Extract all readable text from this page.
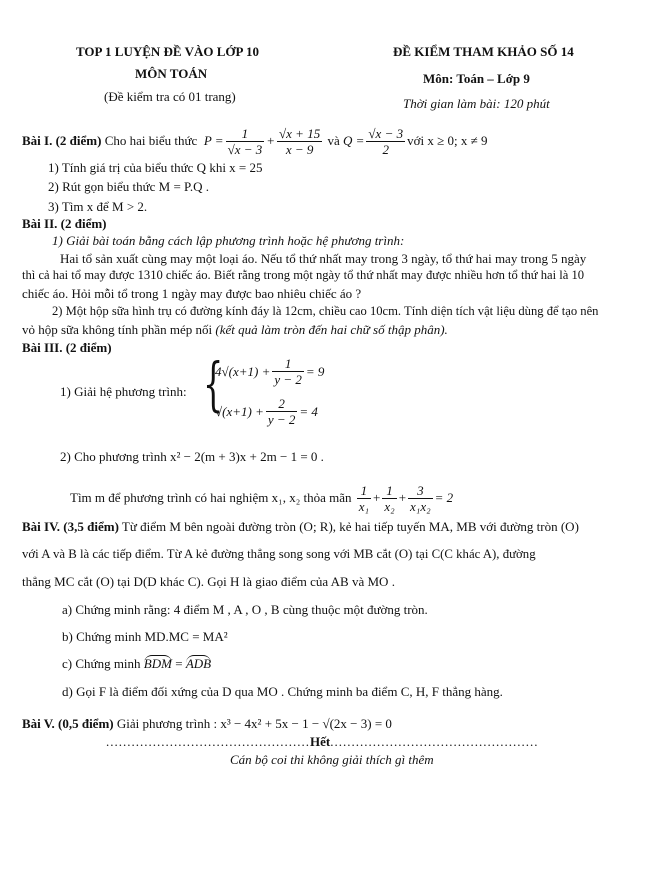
TOP 1 LUYỆN ĐỀ VÀO LỚP 10
MÔN TOÁN
(Đề kiểm tra có 01 trang)
ĐỀ KIỂM THAM KHẢO SỐ 14
Môn: Toán – Lớp 9
Thời gian làm bài: 120 phút
Bài I. (2 điểm)
Cho hai biểu thức
$P = \frac{1}{√x - 3} + \frac{√x + 15}{x - 9}$
và
$Q = \frac{√x - 3}{2}$ với x ≥ 0; x ≠ 9
1) Tính giá trị của biểu thức Q khi x = 25
2) Rút gọn biểu thức M = P.Q .
3) Tìm x để M > 2.
Bài II. (2 điểm)
1) Giải bài toán bằng cách lập phương trình hoặc hệ phương trình:
Hai tổ sản xuất cùng may một loại áo. Nếu tổ thứ nhất may trong 3 ngày, tổ thứ hai may trong 5 ngày
thì cả hai tổ may được 1310 chiếc áo. Biết rằng trong một ngày tổ thứ nhất may được nhiều hơn tổ thứ hai là 10
chiếc áo. Hỏi mỗi tổ trong 1 ngày may được bao nhiêu chiếc áo ?
2) Một hộp sữa hình trụ có đường kính đáy là 12cm, chiều cao 10cm. Tính diện tích vật liệu dùng để tạo nên
vỏ hộp sữa không tính phần mép nối (kết quả làm tròn đến hai chữ số thập phân).
Bài III. (2 điểm)
1) Giải hệ phương trình: {
$4√(x+1) + \frac{1}{y - 2} = 9$
$√(x+1) + \frac{2}{y - 2} = 4$
2) Cho phương trình x² − 2(m + 3)x + 2m − 1 = 0 .
Tìm m để phương trình có hai nghiệm x₁, x₂ thỏa mãn
$\frac{1}{\text{x₁}} + \frac{1}{\text{x₂}} + \frac{3}{\text{x₁x₂}} = 2$
Bài IV. (3,5 điểm) Từ điểm M bên ngoài đường tròn (O; R), kẻ hai tiếp tuyến MA, MB với đường tròn (O)
với A và B là các tiếp điểm. Từ A kẻ đường thẳng song song với MB cắt (O) tại C(C khác A), đường
thẳng MC cắt (O) tại D(D khác C). Gọi H là giao điểm của AB và MO .
a) Chứng minh rằng: 4 điểm M , A , O , B cùng thuộc một đường tròn.
b) Chứng minh MD.MC = MA²
c) Chứng minh BDM = ADB
d) Gọi F là điểm đối xứng của D qua MO . Chứng minh ba điểm C, H, F thẳng hàng.
Bài V. (0,5 điểm) Giải phương trình : x³ − 4x² + 5x − 1 − √(2x − 3) = 0
................................................Hết.................................................
Cán bộ coi thi không giải thích gì thêm
